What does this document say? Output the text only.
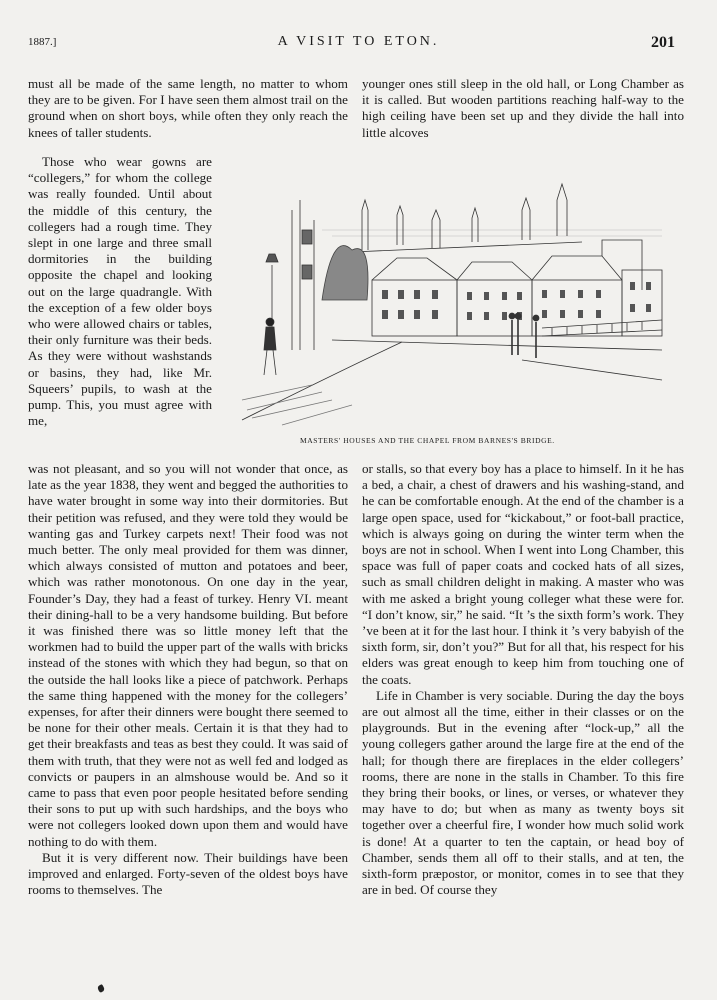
1887.]	A VISIT TO ETON.	201

must all be made of the same length, no matter to whom they are to be given. For I have seen them almost trail on the ground when on short boys, while often they only reach the knees of taller students.

Those who wear gowns are “collegers,” for whom the college was really founded. Until about the middle of this century, the collegers had a rough time. They slept in one large and three small dormitories in the building opposite the chapel and looking out on the large quadrangle. With the exception of a few older boys who were allowed chairs or tables, their only furniture was their beds. As they were without washstands or basins, they had, like Mr. Squeers’ pupils, to wash at the pump. This, you must agree with me,

younger ones still sleep in the old hall, or Long Chamber as it is called. But wooden partitions reaching half-way to the high ceiling have been set up and they divide the hall into little alcoves

MASTERS' HOUSES AND THE CHAPEL FROM BARNES'S BRIDGE.

was not pleasant, and so you will not wonder that once, as late as the year 1838, they went and begged the authorities to have water brought in some way into their dormitories. But their petition was refused, and they were told they would be wanting gas and Turkey carpets next! Their food was not much better. The only meal provided for them was dinner, which always consisted of mutton and potatoes and beer, which was rather monotonous. On one day in the year, Founder’s Day, they had a feast of turkey. Henry VI. meant their dining-hall to be a very handsome building. But before it was finished there was so little money left that the workmen had to build the upper part of the walls with bricks instead of the stones with which they had begun, so that on the outside the hall looks like a piece of patchwork. Perhaps the same thing happened with the money for the collegers’ expenses, for after their dinners were bought there seemed to be none for their other meals. Certain it is that they had to get their breakfasts and teas as best they could. It was said of them with truth, that they were not as well fed and lodged as convicts or paupers in an almshouse would be. And so it came to pass that even poor people hesitated before sending their sons to put up with such hardships, and the boys who were not collegers looked down upon them and would have nothing to do with them.

But it is very different now. Their buildings have been improved and enlarged. Forty-seven of the oldest boys have rooms to themselves. The

or stalls, so that every boy has a place to himself. In it he has a bed, a chair, a chest of drawers and his washing-stand, and he can be comfortable enough. At the end of the chamber is a large open space, used for “kickabout,” or foot-ball practice, which is always going on during the winter term when the boys are not in school. When I went into Long Chamber, this space was full of paper coats and cocked hats of all sizes, such as small children delight in making. A master who was with me asked a bright young colleger what these were for. “I don’t know, sir,” he said. “It ’s the sixth form’s work. They ’ve been at it for the last hour. I think it ’s very babyish of the sixth form, sir, don’t you?” But for all that, his respect for his elders was great enough to keep him from touching one of the coats.

Life in Chamber is very sociable. During the day the boys are out almost all the time, either in their classes or on the playgrounds. But in the evening after “lock-up,” all the young collegers gather around the large fire at the end of the hall; for though there are fireplaces in the elder collegers’ rooms, there are none in the stalls in Chamber. To this fire they bring their books, or lines, or verses, or whatever they may have to do; but when as many as twenty boys sit together over a cheerful fire, I wonder how much solid work is done! At a quarter to ten the captain, or head boy of Chamber, sends them all off to their stalls, and at ten, the sixth-form præpostor, or monitor, comes in to see that they are in bed. Of course they
